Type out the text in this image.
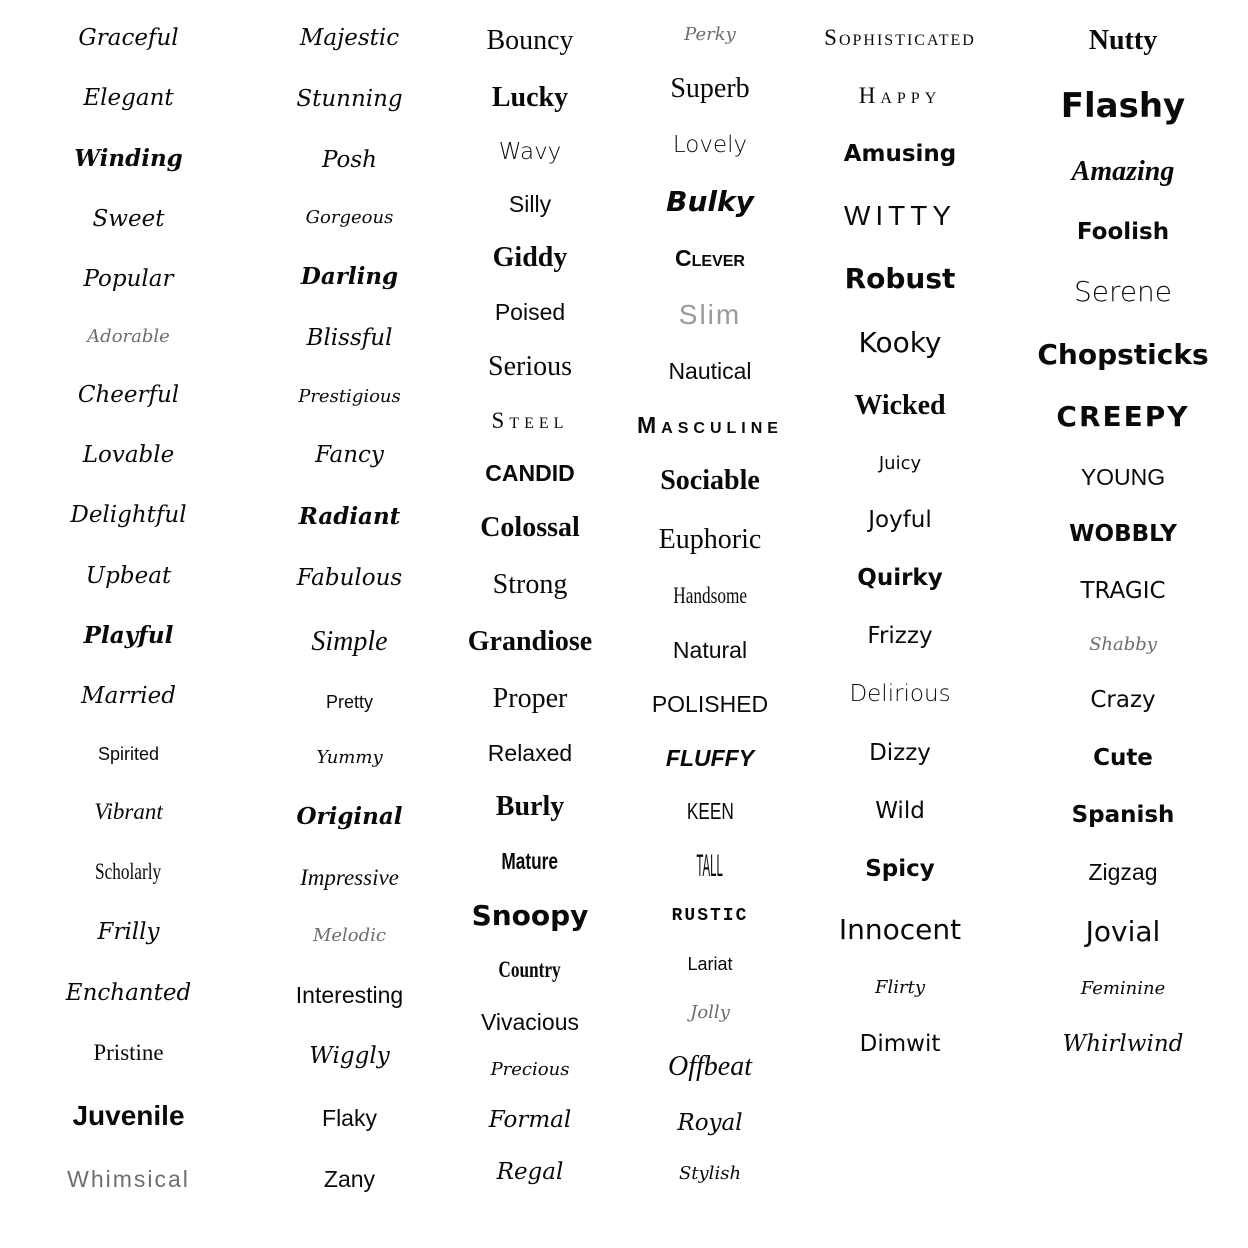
Graceful
Elegant
Winding
Sweet
Popular
Adorable
Cheerful
Lovable
Delightful
Upbeat
Playful
Married
Spirited
Vibrant
Scholarly
Frilly
Enchanted
Pristine
Juvenile
Whimsical
Majestic
Stunning
Posh
Gorgeous
Darling
Blissful
Prestigious
Fancy
Radiant
Fabulous
Simple
Pretty
Yummy
Original
Impressive
Melodic
Interesting
Wiggly
Flaky
Zany
Bouncy
Lucky
Wavy
Silly
Giddy
Poised
Serious
Steel
CANDID
Colossal
Strong
Grandiose
Proper
Relaxed
Burly
Mature
Snoopy
Country
Vivacious
Precious
Formal
Regal
Perky
Superb
Lovely
Bulky
Clever
Slim
Nautical
Masculine
Sociable
Euphoric
Handsome
Natural
POLISHED
FLUFFY
KEEN
TALL
RUSTIC
Lariat
Jolly
Offbeat
Royal
Stylish
Sophisticated
Happy
Amusing
WITTY
Robust
Kooky
Wicked
Juicy
Joyful
Quirky
Frizzy
Delirious
Dizzy
Wild
Spicy
Innocent
Flirty
Dimwit
Nutty
Flashy
Amazing
Foolish
Serene
Chopsticks
CREEPY
YOUNG
WOBBLY
TRAGIC
Shabby
Crazy
Cute
Spanish
Zigzag
Jovial
Feminine
Whirlwind
